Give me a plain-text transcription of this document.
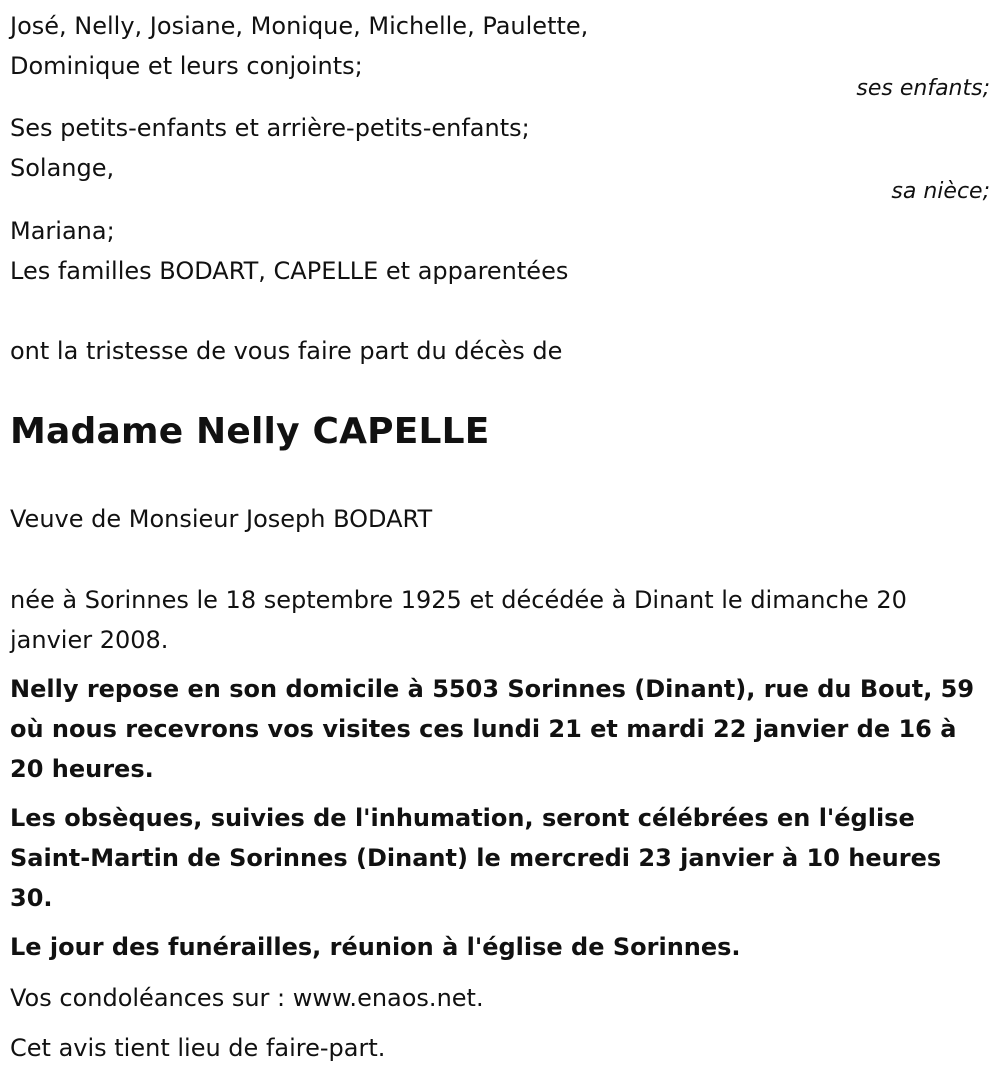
José, Nelly, Josiane, Monique, Michelle, Paulette,
Dominique et leurs conjoints;
ses enfants;
Ses petits-enfants et arrière-petits-enfants;
Solange,
sa nièce;
Mariana;
Les familles BODART, CAPELLE et apparentées
ont la tristesse de vous faire part du décès de
Madame Nelly CAPELLE
Veuve de Monsieur Joseph BODART
née à Sorinnes le 18 septembre 1925 et décédée à Dinant le dimanche 20 janvier 2008.
Nelly repose en son domicile à 5503 Sorinnes (Dinant), rue du Bout, 59 où nous recevrons vos visites ces lundi 21 et mardi 22 janvier de 16 à 20 heures.
Les obsèques, suivies de l'inhumation, seront célébrées en l'église Saint-Martin de Sorinnes (Dinant) le mercredi 23 janvier à 10 heures 30.
Le jour des funérailles, réunion à l'église de Sorinnes.
Vos condoléances sur : www.enaos.net.
Cet avis tient lieu de faire-part.
